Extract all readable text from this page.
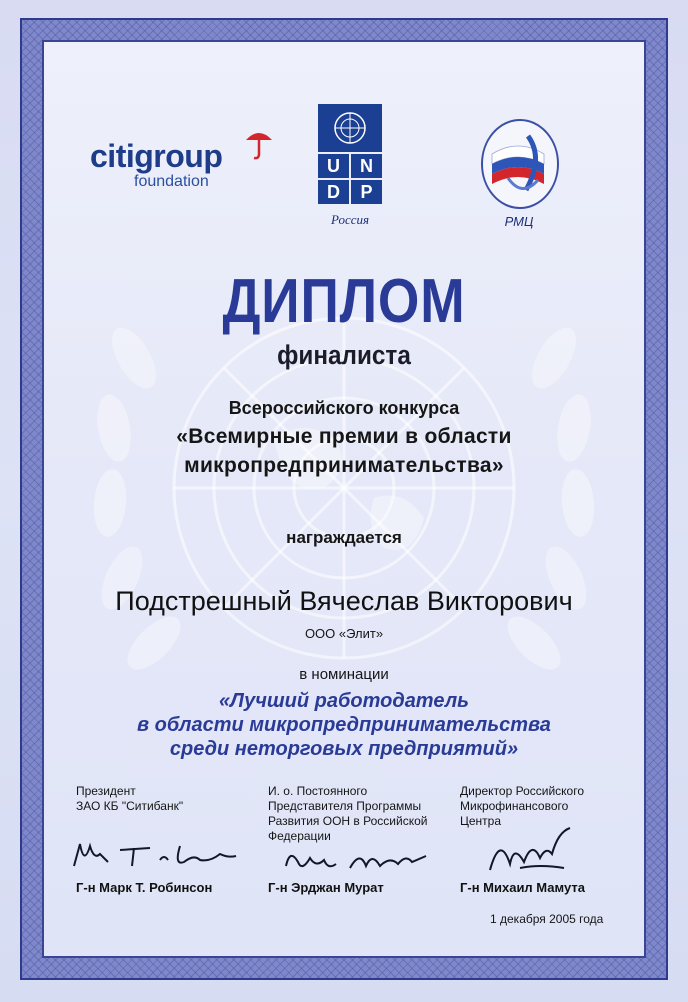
citigroup
foundation
U	N
D	P
Россия	РМЦ
ДИПЛОМ
финалиста
Всероссийского конкурса
«Всемирные премии в области
микропредпринимательства»
награждается
Подстрешный Вячеслав Викторович
ООО «Элит»
в номинации
«Лучший работодатель
в области микропредпринимательства
среди неторговых предприятий»
Президент
ЗАО КБ "Ситибанк"
Г-н Марк Т. Робинсон
И. о. Постоянного
Представителя Программы
Развития ООН в Российской
Федерации
Г-н Эрджан Мурат
Директор Российского
Микрофинансового
Центра
Г-н Михаил Мамута
1 декабря 2005 года
